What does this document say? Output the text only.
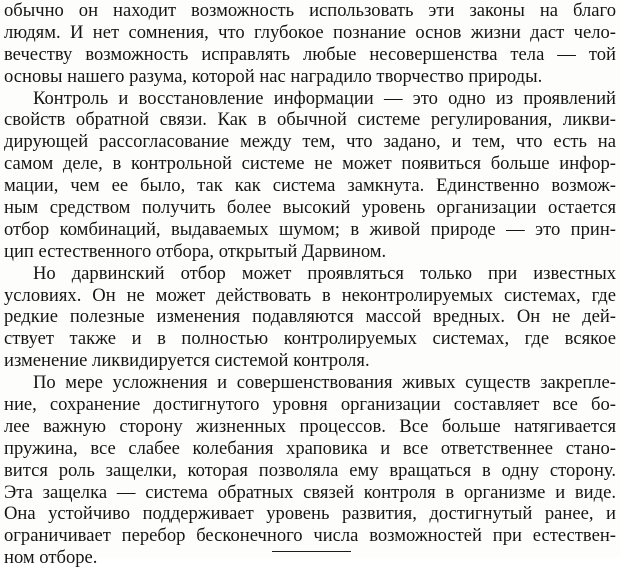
обычно он находит возможность использовать эти законы на благо
людям. И нет сомнения, что глубокое познание основ жизни даст чело-
вечеству возможность исправлять любые несовершенства тела — той
основы нашего разума, которой нас наградило творчество природы.
Контроль и восстановление информации — это одно из проявлений
свойств обратной связи. Как в обычной системе регулирования, ликви-
дирующей рассогласование между тем, что задано, и тем, что есть на
самом деле, в контрольной системе не может появиться больше инфор-
мации, чем ее было, так как система замкнута. Единственно возмож-
ным средством получить более высокий уровень организации остается
отбор комбинаций, выдаваемых шумом; в живой природе — это прин-
цип естественного отбора, открытый Дарвином.
Но дарвинский отбор может проявляться только при известных
условиях. Он не может действовать в неконтролируемых системах, где
редкие полезные изменения подавляются массой вредных. Он не дей-
ствует также и в полностью контролируемых системах, где всякое
изменение ликвидируется системой контроля.
По мере усложнения и совершенствования живых существ закрепле-
ние, сохранение достигнутого уровня организации составляет все бо-
лее важную сторону жизненных процессов. Все больше натягивается
пружина, все слабее колебания храповика и все ответственнее стано-
вится роль защелки, которая позволяла ему вращаться в одну сторону.
Эта защелка — система обратных связей контроля в организме и виде.
Она устойчиво поддерживает уровень развития, достигнутый ранее, и
ограничивает перебор бесконечного числа возможностей при естествен-
ном отборе.
